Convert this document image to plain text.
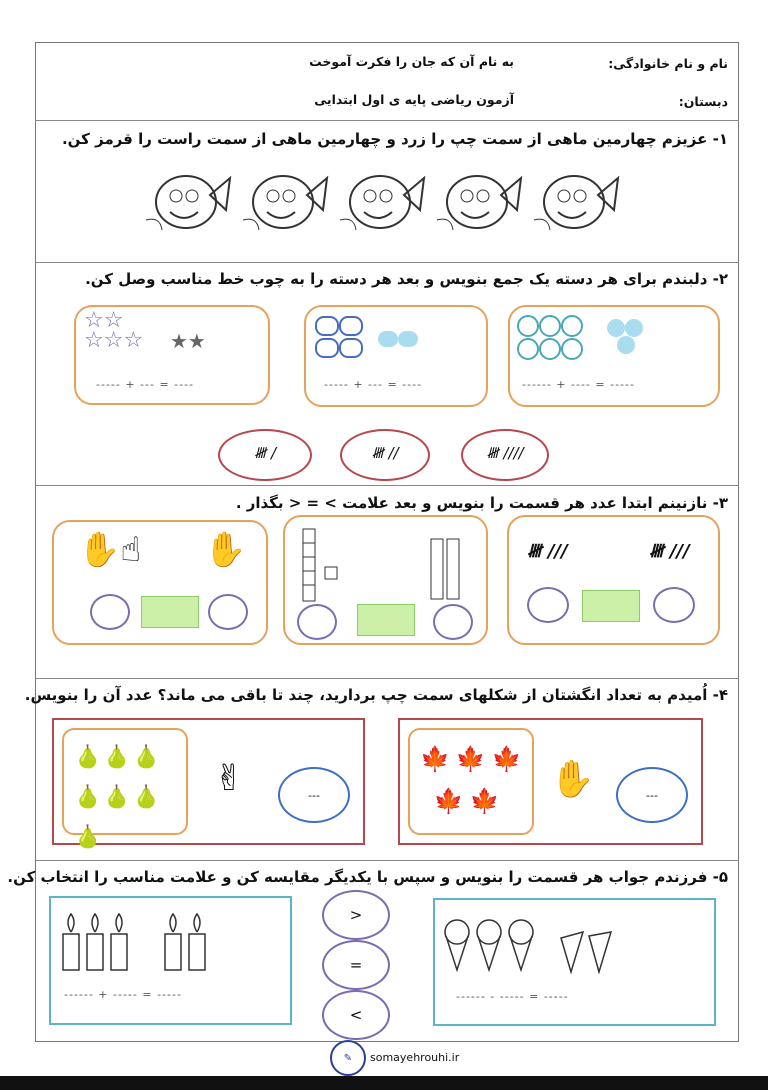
نام و نام خانوادگی:
دبستان:
به نام آن که جان را فکرت آموخت
آزمون ریاضی پایه ی اول ابتدایی
۱- عزیزم چهارمین ماهی از سمت چپ را زرد و چهارمین ماهی از سمت راست را قرمز کن.
۲- دلبندم برای هر دسته یک جمع بنویس و بعد هر دسته را به چوب خط مناسب وصل کن.
☆☆
☆☆☆ ★★
----- + --- = ----	----- + --- = ----	------ + ---- = -----
𝍸 /	𝍸 //	𝍸 ////
۳- نازنینم ابتدا عدد هر قسمت را بنویس و بعد علامت > = < بگذار .
✋☝ ✋	𝍸 ///	𝍸 ///
۴- اُمیدم به تعداد انگشتان از شکلهای سمت چپ بردارید، چند تا باقی می ماند؟ عدد آن را بنویس.
🍐🍐🍐
🍐🍐🍐🍐
✌	---
🍁🍁🍁
🍁🍁
✋	---
۵- فرزندم جواب هر قسمت را بنویس و سپس با یکدیگر مقایسه کن و علامت مناسب را انتخاب کن.
------ + ----- = -----
>
=
<
------ - ----- = -----
✎	somayehrouhi.ir
